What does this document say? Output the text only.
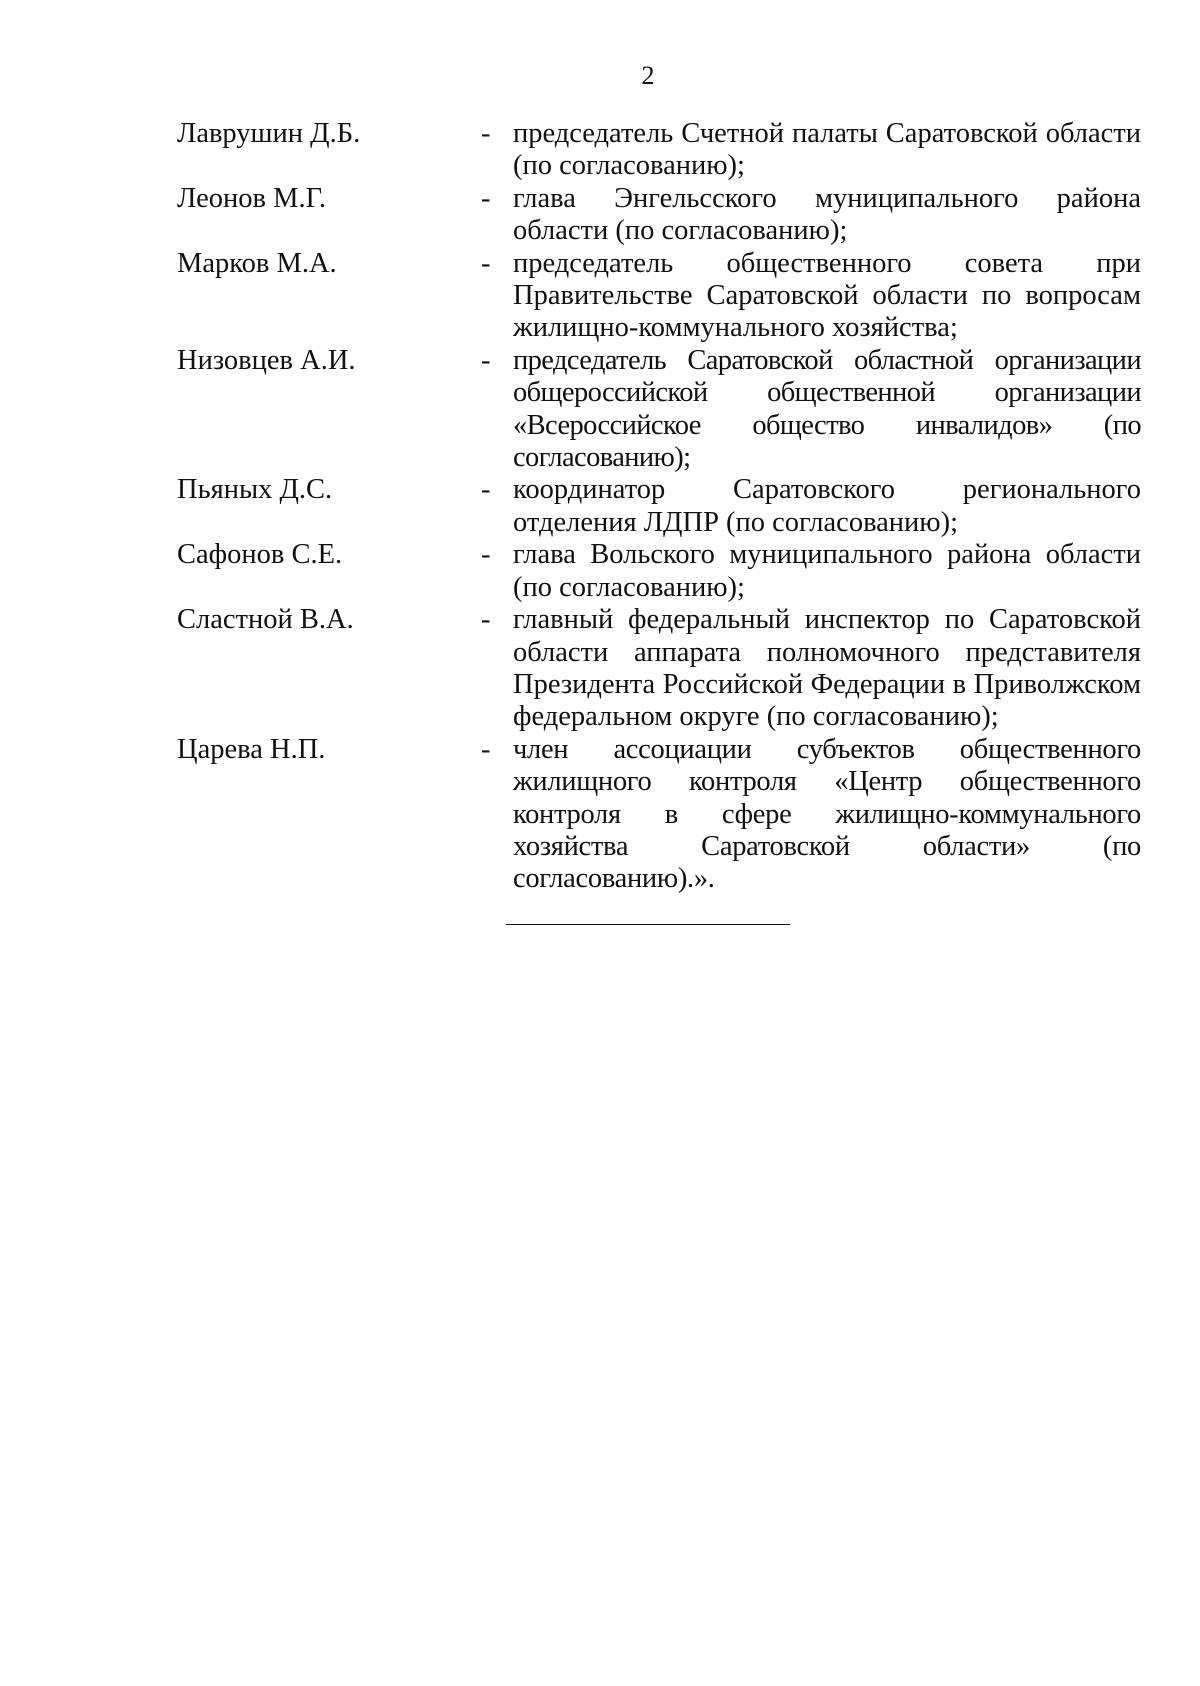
2
Лаврушин Д.Б.	- председатель Счетной палаты Саратовской области (по согласованию);
Леонов М.Г.	- глава Энгельсского муниципального района области (по согласованию);
Марков М.А.	- председатель общественного совета при Правительстве Саратовской области по вопросам жилищно-коммунального хозяйства;
Низовцев А.И.	- председатель Саратовской областной организации общероссийской общественной организации «Всероссийское общество инвалидов» (по согласованию);
Пьяных Д.С.	- координатор Саратовского регионального отделения ЛДПР (по согласованию);
Сафонов С.Е.	- глава Вольского муниципального района области (по согласованию);
Сластной В.А.	- главный федеральный инспектор по Саратовской области аппарата полномочного представителя Президента Российской Федерации в Приволжском федеральном округе (по согласованию);
Царева Н.П.	- член ассоциации субъектов общественного жилищного контроля «Центр общественного контроля в сфере жилищно-коммунального хозяйства Саратовской области» (по согласованию).».
